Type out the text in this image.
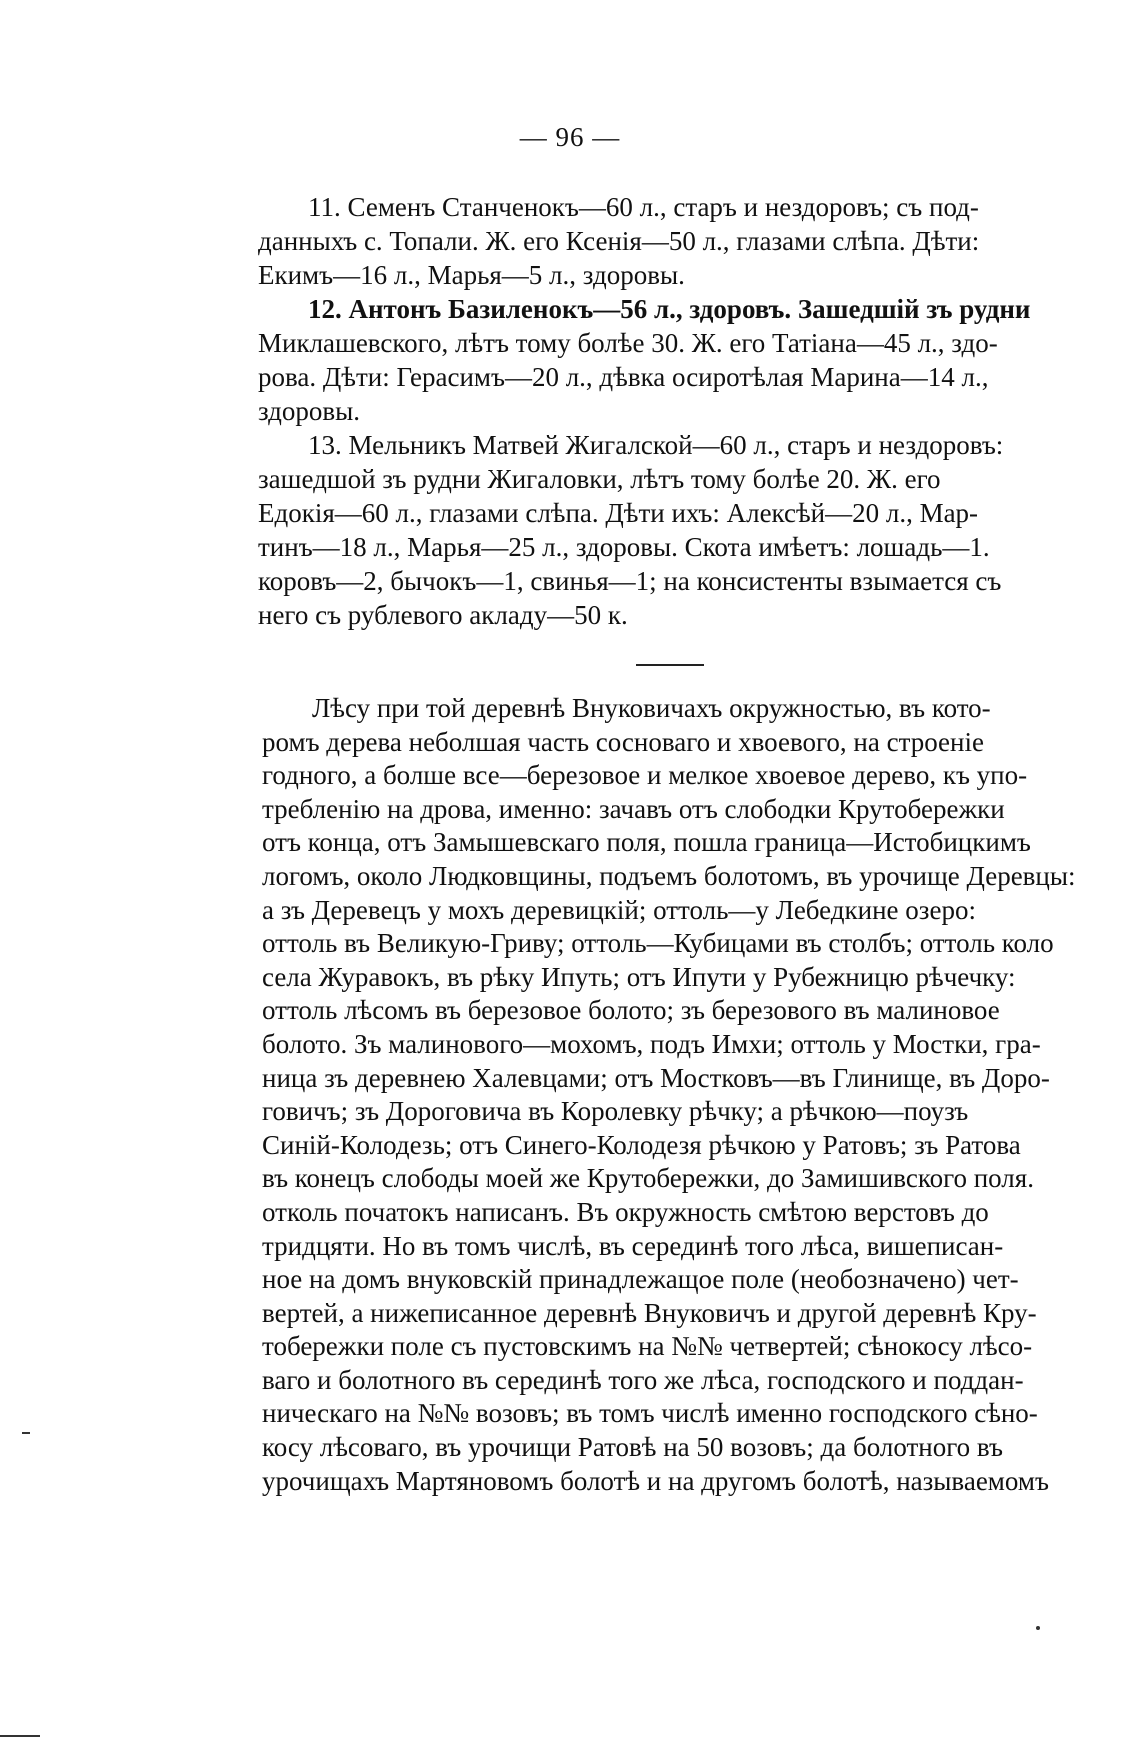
— 96 —
11. Семенъ Станченокъ—60 л., старъ и нездоровъ; съ под-
данныхъ с. Топали. Ж. его Ксенія—50 л., глазами слѣпа. Дѣти:
Екимъ—16 л., Марья—5 л., здоровы.
12. Антонъ Базиленокъ—56 л., здоровъ. Зашедшій зъ рудни
Миклашевского, лѣтъ тому болѣе 30. Ж. его Татіана—45 л., здо-
рова. Дѣти: Герасимъ—20 л., дѣвка осиротѣлая Марина—14 л.,
здоровы.
13. Мельникъ Матвей Жигалской—60 л., старъ и нездоровъ:
зашедшой зъ рудни Жигаловки, лѣтъ тому болѣе 20. Ж. его
Едокія—60 л., глазами слѣпа. Дѣти ихъ: Алексѣй—20 л., Мар-
тинъ—18 л., Марья—25 л., здоровы. Скота имѣетъ: лошадь—1.
коровъ—2, бычокъ—1, свинья—1; на консистенты взымается съ
него съ рублевого акладу—50 к.
Лѣсу при той деревнѣ Внуковичахъ окружностью, въ кото-
ромъ дерева неболшая часть сосноваго и хвоевого, на строеніе
годного, а болше все—березовое и мелкое хвоевое дерево, къ упо-
требленію на дрова, именно: зачавъ отъ слободки Крутобережки
отъ конца, отъ Замышевскаго поля, пошла граница—Истобицкимъ
логомъ, около Людковщины, подъемъ болотомъ, въ урочище Деревцы:
а зъ Деревецъ у мохъ деревицкій; оттоль—у Лебедкине озеро:
оттоль въ Великую-Гриву; оттоль—Кубицами въ столбъ; оттоль коло
села Журавокъ, въ рѣку Ипуть; отъ Ипути у Рубежницю рѣчечку:
оттоль лѣсомъ въ березовое болото; зъ березового въ малиновое
болото. Зъ малинового—мохомъ, подъ Имхи; оттоль у Мостки, гра-
ница зъ деревнею Халевцами; отъ Мостковъ—въ Глинище, въ Доро-
говичъ; зъ Дороговича въ Королевку рѣчку; а рѣчкою—поузъ
Синій-Колодезь; отъ Синего-Колодезя рѣчкою у Ратовъ; зъ Ратова
въ конецъ слободы моей же Крутобережки, до Замишивского поля.
отколь початокъ написанъ. Въ окружность смѣтою верстовъ до
тридцяти. Но въ томъ числѣ, въ серединѣ того лѣса, вишеписан-
ное на домъ внуковскій принадлежащое поле (необозначено) чет-
вертей, а нижеписанное деревнѣ Внуковичъ и другой деревнѣ Кру-
тобережки поле съ пустовскимъ на №№ четвертей; сѣнокосу лѣсо-
ваго и болотного въ серединѣ того же лѣса, господского и поддан-
ническаго на №№ возовъ; въ томъ числѣ именно господского сѣно-
косу лѣсоваго, въ урочищи Ратовѣ на 50 возовъ; да болотного въ
урочищахъ Мартяновомъ болотѣ и на другомъ болотѣ, называемомъ
